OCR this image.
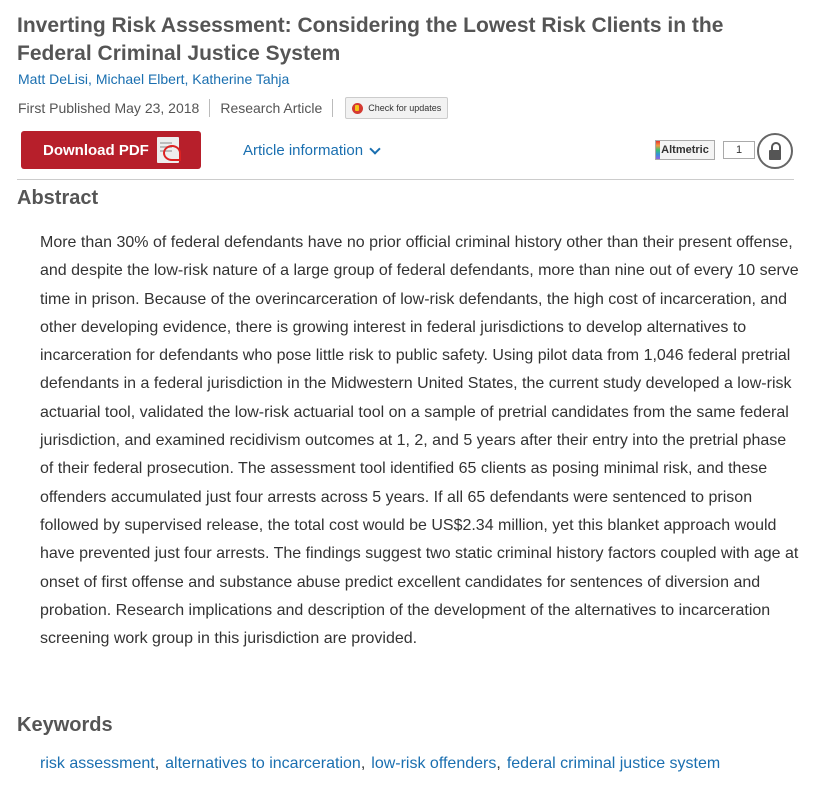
Inverting Risk Assessment: Considering the Lowest Risk Clients in the Federal Criminal Justice System
Matt DeLisi, Michael Elbert, Katherine Tahja
First Published May 23, 2018 Research Article	Check for updates
Download PDF	Article information	Altmetric	1
Abstract
More than 30% of federal defendants have no prior official criminal history other than their present offense, and despite the low-risk nature of a large group of federal defendants, more than nine out of every 10 serve time in prison. Because of the overincarceration of low-risk defendants, the high cost of incarceration, and other developing evidence, there is growing interest in federal jurisdictions to develop alternatives to incarceration for defendants who pose little risk to public safety. Using pilot data from 1,046 federal pretrial defendants in a federal jurisdiction in the Midwestern United States, the current study developed a low-risk actuarial tool, validated the low-risk actuarial tool on a sample of pretrial candidates from the same federal jurisdiction, and examined recidivism outcomes at 1, 2, and 5 years after their entry into the pretrial phase of their federal prosecution. The assessment tool identified 65 clients as posing minimal risk, and these offenders accumulated just four arrests across 5 years. If all 65 defendants were sentenced to prison followed by supervised release, the total cost would be US$2.34 million, yet this blanket approach would have prevented just four arrests. The findings suggest two static criminal history factors coupled with age at onset of first offense and substance abuse predict excellent candidates for sentences of diversion and probation. Research implications and description of the development of the alternatives to incarceration screening work group in this jurisdiction are provided.
Keywords
risk assessment, alternatives to incarceration, low-risk offenders, federal criminal justice system
